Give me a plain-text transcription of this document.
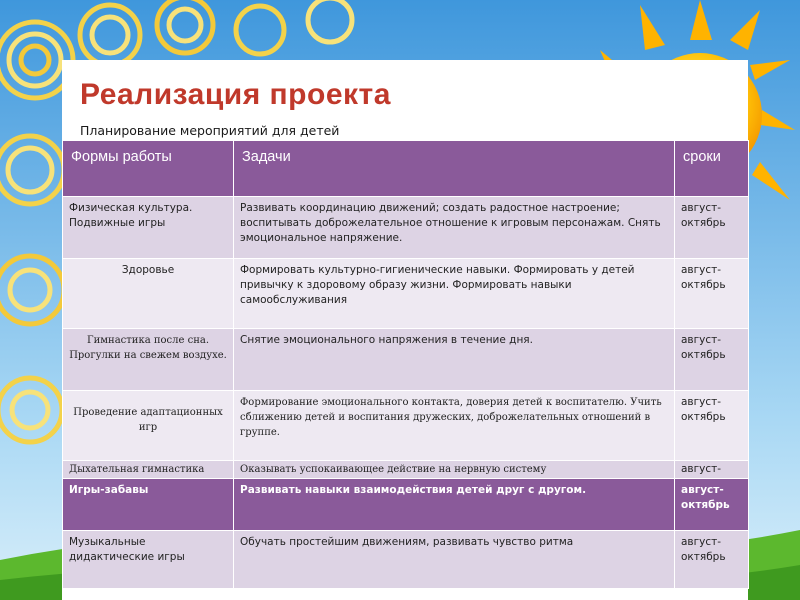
Реализация проекта
Планирование мероприятий для детей
Формы работы	Задачи	сроки
Физическая культура. Подвижные игры	Развивать координацию движений; создать радостное настроение; воспитывать доброжелательное отношение к игровым персонажам. Снять эмоциональное напряжение.	август-октябрь
Здоровье	Формировать культурно-гигиенические навыки. Формировать у детей привычку к здоровому образу жизни. Формировать навыки самообслуживания	август-октябрь
Гимнастика после сна. Прогулки на свежем воздухе.	Снятие эмоционального напряжения в течение дня.	август-октябрь
Проведение адаптационных игр	Формирование эмоционального контакта, доверия детей к воспитателю. Учить сближению детей и воспитания дружеских, доброжелательных отношений в группе.	август-октябрь
Дыхательная гимнастика	Оказывать успокаивающее действие на нервную систему	август-
Игры-забавы	Развивать навыки взаимодействия детей друг с другом.	август-октябрь
Музыкальные дидактические игры	Обучать простейшим движениям, развивать чувство ритма	август-октябрь
